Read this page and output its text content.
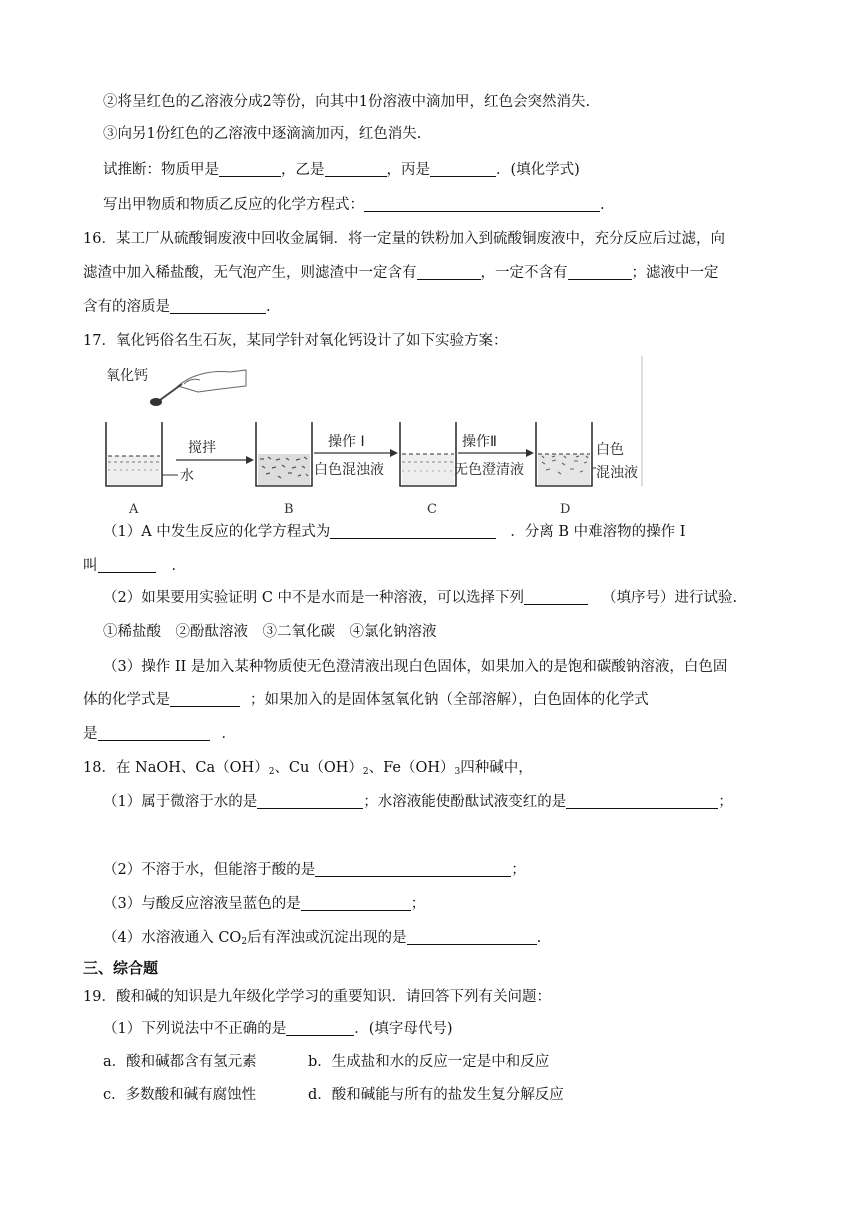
②将呈红色的乙溶液分成2等份，向其中1份溶液中滴加甲，红色会突然消失.
③向另1份红色的乙溶液中逐滴滴加丙，红色消失.
试推断：物质甲是	，乙是	，丙是	．(填化学式)
写出甲物质和物质乙反应的化学方程式：	.
16．某工厂从硫酸铜废液中回收金属铜．将一定量的铁粉加入到硫酸铜废液中，充分反应后过滤，向
滤渣中加入稀盐酸，无气泡产生，则滤渣中一定含有	，一定不含有	；滤液中一定
含有的溶质是	.
17．氧化钙俗名生石灰，某同学针对氧化钙设计了如下实验方案：
氧化钙
水
A
搅拌
B
操作 I
白色混浊液
C
操作Ⅱ
无色澄清液
白色
混浊液
D
（1）A 中发生反应的化学方程式为	．分离 B 中难溶物的操作 I
叫	．
（2）如果要用实验证明 C 中不是水而是一种溶液，可以选择下列	（填序号）进行试验.
①稀盐酸　②酚酞溶液　③二氧化碳　④氯化钠溶液
（3）操作 II 是加入某种物质使无色澄清液出现白色固体，如果加入的是饱和碳酸钠溶液，白色固
体的化学式是	；如果加入的是固体氢氧化钠（全部溶解），白色固体的化学式
是	．
18．在 NaOH、$Ca(OH)_2$、$Cu(OH)_2$、$Fe(OH)_3$四种碱中，
（1）属于微溶于水的是	；水溶液能使酚酞试液变红的是	；
（2）不溶于水，但能溶于酸的是	；
（3）与酸反应溶液呈蓝色的是	；
（4）水溶液通入 $CO_2$后有浑浊或沉淀出现的是	.
三、综合题
19．酸和碱的知识是九年级化学学习的重要知识．请回答下列有关问题：
（1）下列说法中不正确的是	．(填字母代号)
a．酸和碱都含有氢元素	b．生成盐和水的反应一定是中和反应
c．多数酸和碱有腐蚀性	d．酸和碱能与所有的盐发生复分解反应
